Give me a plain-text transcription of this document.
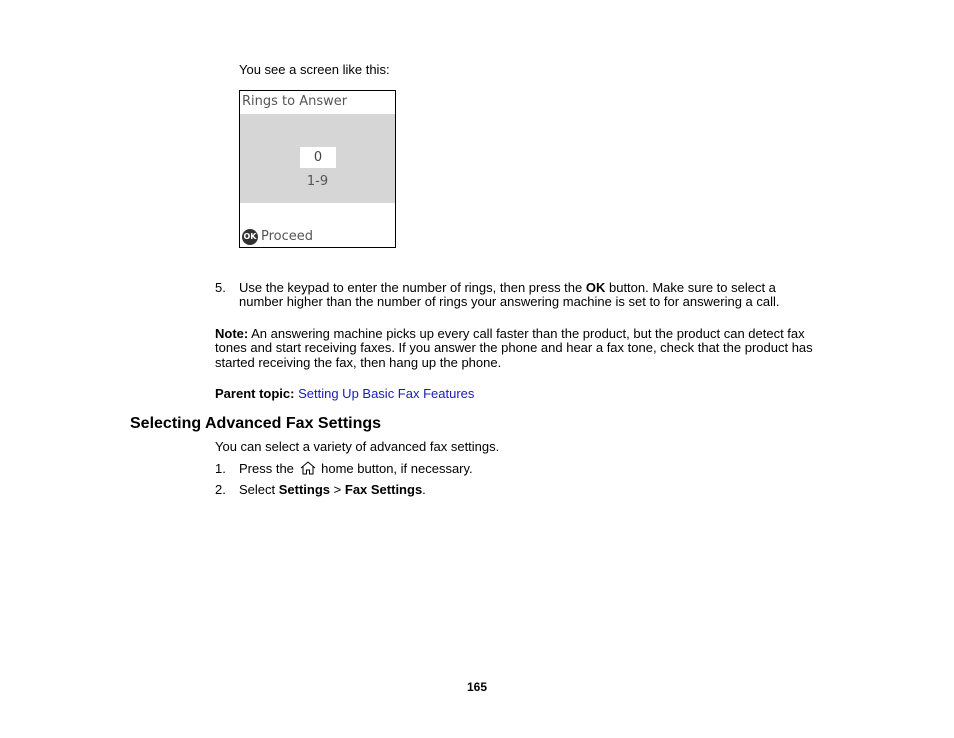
You see a screen like this:
Rings to Answer
0
1-9
OK Proceed
5.	Use the keypad to enter the number of rings, then press the OK button. Make sure to select a
number higher than the number of rings your answering machine is set to for answering a call.
Note: An answering machine picks up every call faster than the product, but the product can detect fax
tones and start receiving faxes. If you answer the phone and hear a fax tone, check that the product has
started receiving the fax, then hang up the phone.
Parent topic: Setting Up Basic Fax Features
Selecting Advanced Fax Settings
You can select a variety of advanced fax settings.
1.	Press the  home button, if necessary.
2.	Select Settings > Fax Settings.
165
